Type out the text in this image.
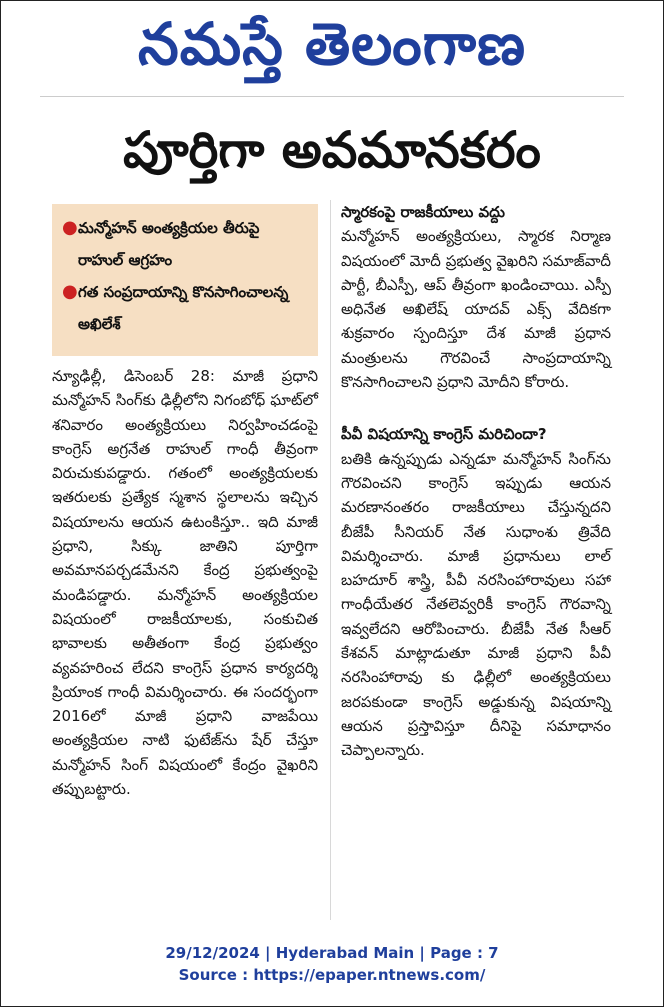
నమస్తే తెలంగాణ
పూర్తిగా అవమానకరం
● మన్మోహన్ అంత్యక్రియల తీరుపై రాహుల్ ఆగ్రహం
● గత సంప్రదాయాన్ని కొనసాగించాలన్న అఖిలేశ్

న్యూఢిల్లీ, డిసెంబర్ 28: మాజీ ప్రధాని మన్మోహన్ సింగ్‌కు ఢిల్లీలోని నిగంబోధ్ ఘాట్‌లో శనివారం అంత్యక్రియలు నిర్వహించడంపై కాంగ్రెస్ అగ్రనేత రాహుల్ గాంధీ తీవ్రంగా విరుచుకుపడ్డారు. గతంలో అంత్యక్రియలకు ఇతరులకు ప్రత్యేక స్మశాన స్థలాలను ఇచ్చిన విషయాలను ఆయన ఉటంకిస్తూ.. ఇది మాజీ ప్రధాని, సిక్కు జాతిని పూర్తిగా అవమానపర్చడమేనని కేంద్ర ప్రభుత్వంపై మండిపడ్డారు. మన్మోహన్ అంత్యక్రియల విషయంలో రాజకీయాలకు, సంకుచిత భావాలకు అతీతంగా కేంద్ర ప్రభుత్వం వ్యవహరించ లేదని కాంగ్రెస్ ప్రధాన కార్యదర్శి ప్రియాంక గాంధీ విమర్శించారు. ఈ సందర్భంగా 2016లో మాజీ ప్రధాని వాజపేయి అంత్యక్రియల నాటి ఫుటేజ్‌ను షేర్ చేస్తూ మన్మోహన్ సింగ్ విషయంలో కేంద్రం వైఖరిని తప్పుబట్టారు.

స్మారకంపై రాజకీయాలు వద్దు

మన్మోహన్ అంత్యక్రియలు, స్మారక నిర్మాణ విషయంలో మోదీ ప్రభుత్వ వైఖరిని సమాజ్‌వాదీ పార్టీ, బీఎస్పీ, ఆప్ తీవ్రంగా ఖండించాయి. ఎస్పీ అధినేత అఖిలేష్ యాదవ్ ఎక్స్ వేదికగా శుక్రవారం స్పందిస్తూ దేశ మాజీ ప్రధాన మంత్రులను గౌరవించే సాంప్రదాయాన్ని కొనసాగించాలని ప్రధాని మోదీని కోరారు.

పీవీ విషయాన్ని కాంగ్రెస్ మరిచిందా?

బతికి ఉన్నప్పుడు ఎన్నడూ మన్మోహన్ సింగ్‌ను గౌరవించని కాంగ్రెస్ ఇప్పుడు ఆయన మరణానంతరం రాజకీయాలు చేస్తున్నదని బీజేపీ సీనియర్ నేత సుధాంశు త్రివేది విమర్శించారు. మాజీ ప్రధానులు లాల్ బహదూర్ శాస్త్రి, పీవీ నరసింహారావులు సహా గాంధీయేతర నేతలెవ్వరికీ కాంగ్రెస్ గౌరవాన్ని ఇవ్వలేదని ఆరోపించారు. బీజేపీ నేత సీఆర్ కేశవన్ మాట్లాడుతూ మాజీ ప్రధాని పీవీ నరసింహారావు కు ఢిల్లీలో అంత్యక్రియలు జరపకుండా కాంగ్రెస్ అడ్డుకున్న విషయాన్ని ఆయన ప్రస్తావిస్తూ దీనిపై సమాధానం చెప్పాలన్నారు.

29/12/2024 | Hyderabad Main | Page : 7
Source : https://epaper.ntnews.com/
